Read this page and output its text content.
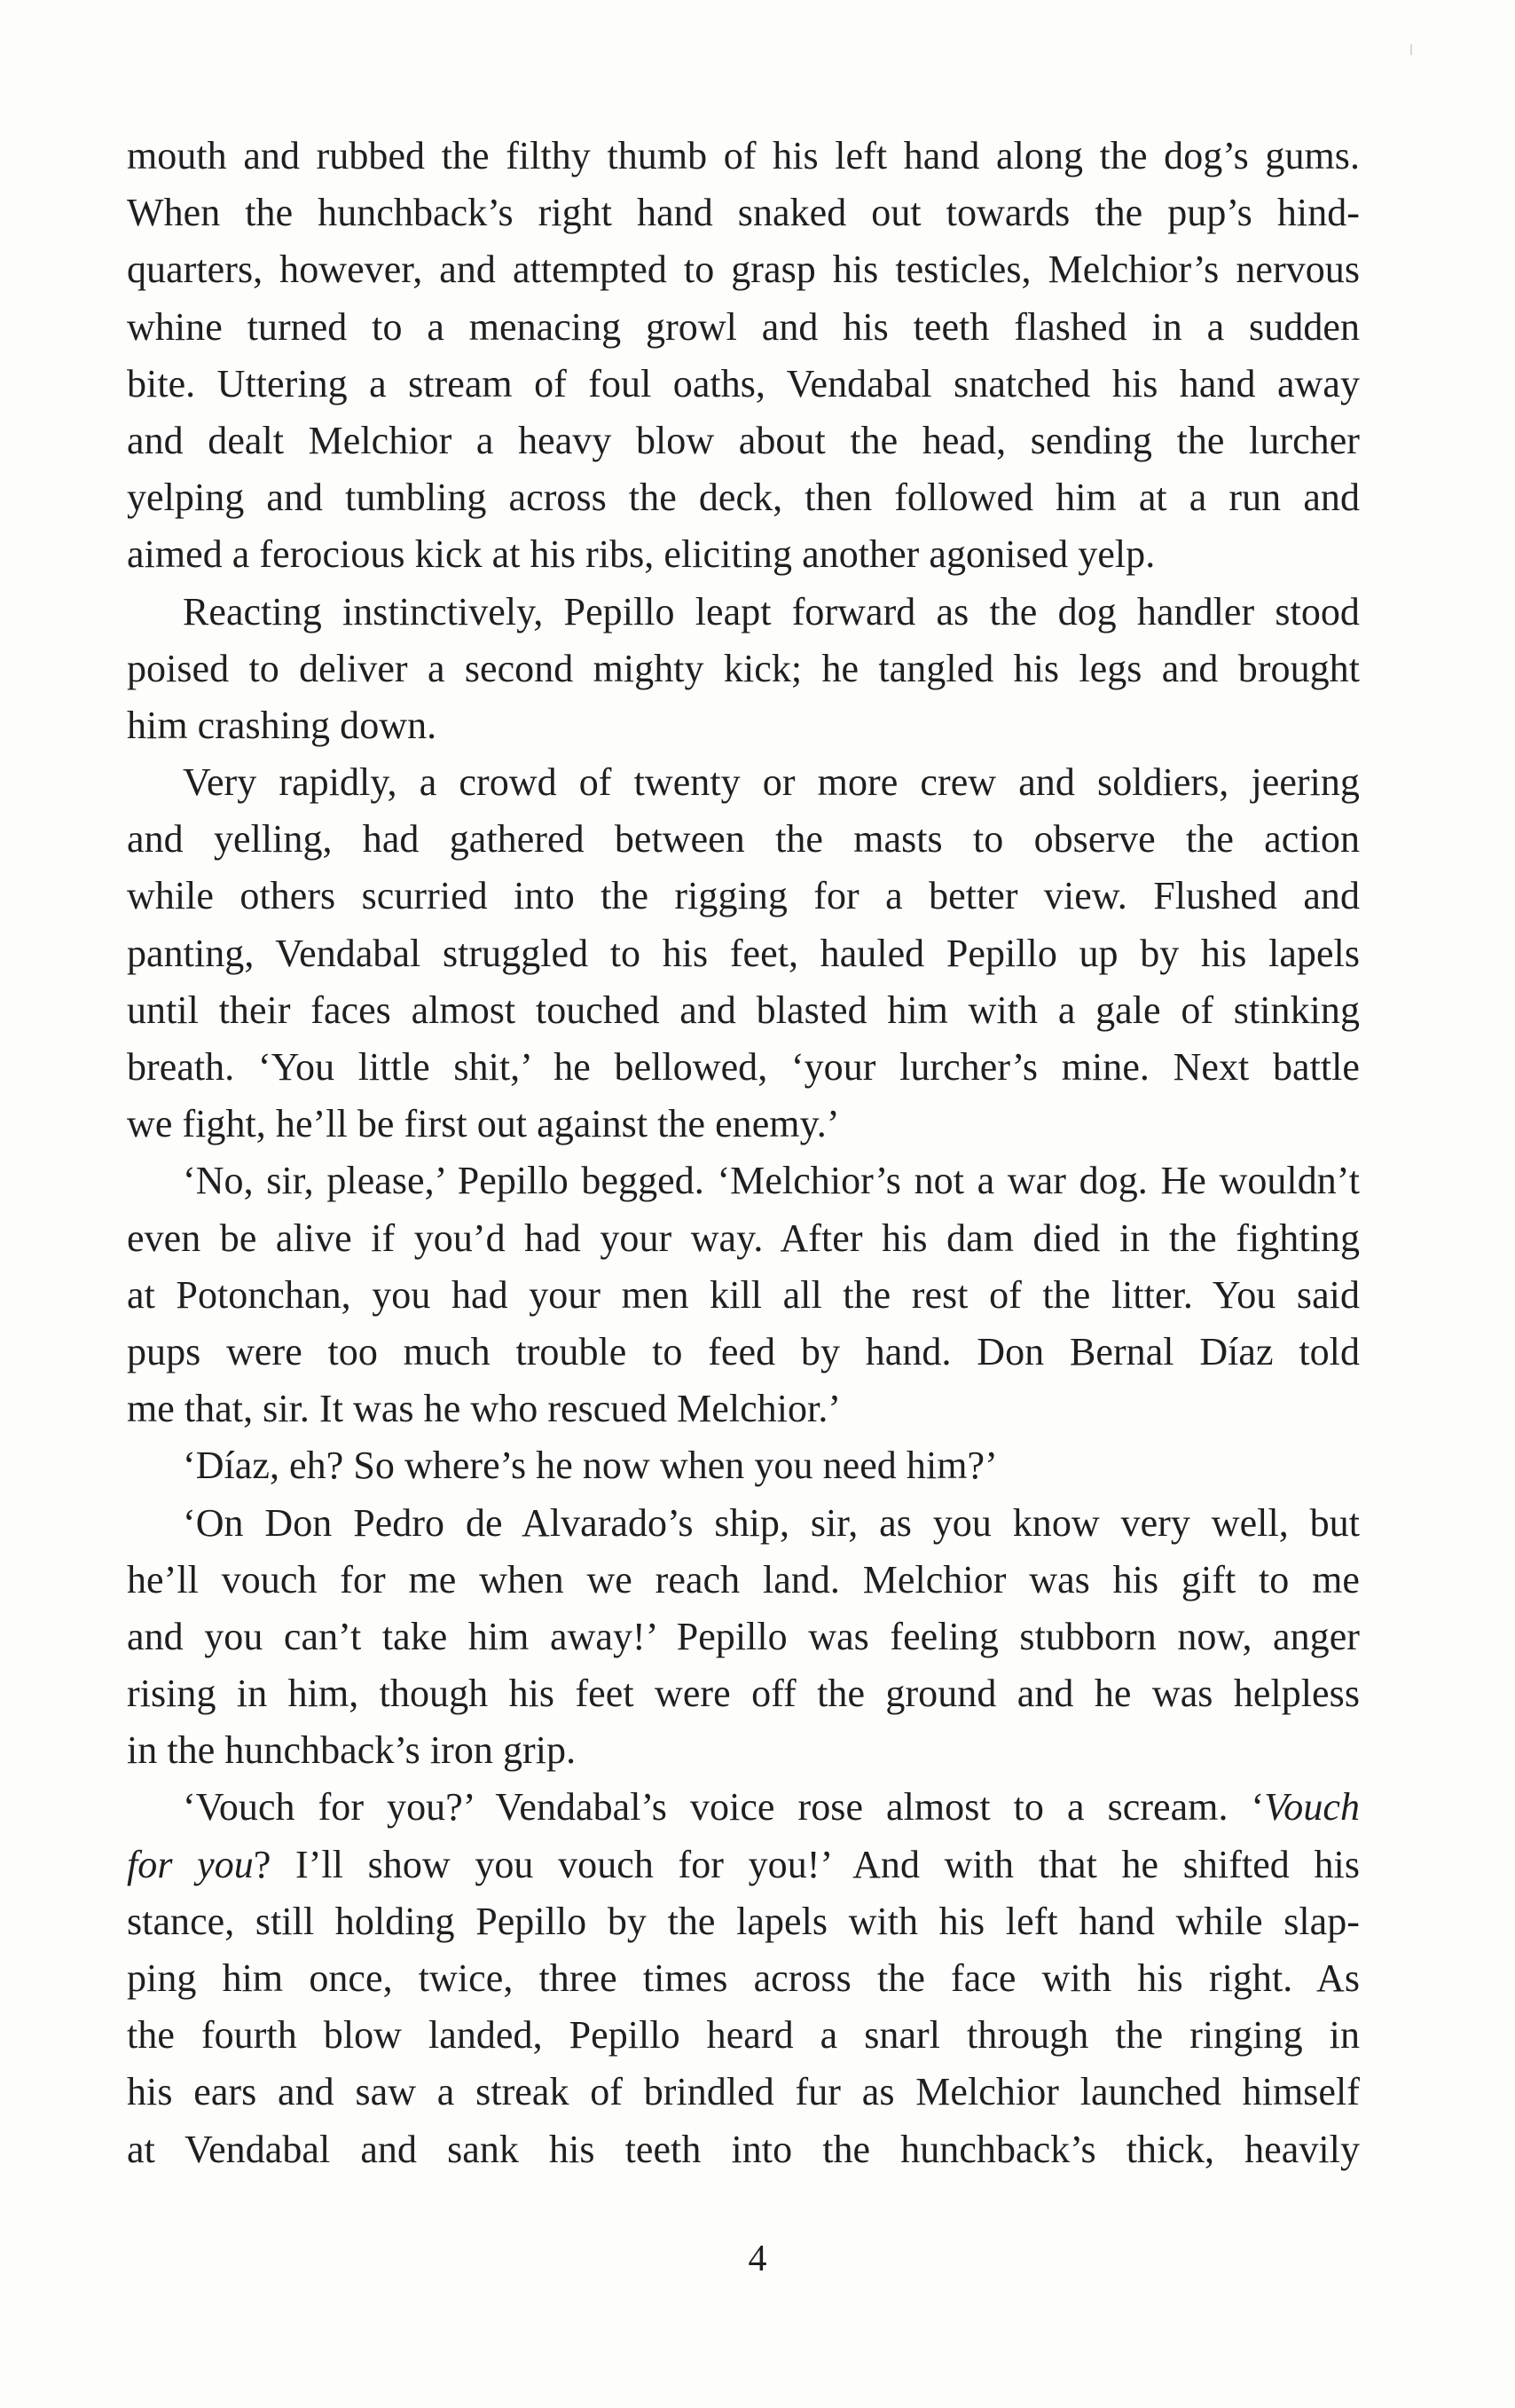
mouth and rubbed the filthy thumb of his left hand along the dog’s gums.
When the hunchback’s right hand snaked out towards the pup’s hind-
quarters, however, and attempted to grasp his testicles, Melchior’s nervous
whine turned to a menacing growl and his teeth flashed in a sudden
bite. Uttering a stream of foul oaths, Vendabal snatched his hand away
and dealt Melchior a heavy blow about the head, sending the lurcher
yelping and tumbling across the deck, then followed him at a run and
aimed a ferocious kick at his ribs, eliciting another agonised yelp.
Reacting instinctively, Pepillo leapt forward as the dog handler stood
poised to deliver a second mighty kick; he tangled his legs and brought
him crashing down.
Very rapidly, a crowd of twenty or more crew and soldiers, jeering
and yelling, had gathered between the masts to observe the action
while others scurried into the rigging for a better view. Flushed and
panting, Vendabal struggled to his feet, hauled Pepillo up by his lapels
until their faces almost touched and blasted him with a gale of stinking
breath. ‘You little shit,’ he bellowed, ‘your lurcher’s mine. Next battle
we fight, he’ll be first out against the enemy.’
‘No, sir, please,’ Pepillo begged. ‘Melchior’s not a war dog. He wouldn’t
even be alive if you’d had your way. After his dam died in the fighting
at Potonchan, you had your men kill all the rest of the litter. You said
pups were too much trouble to feed by hand. Don Bernal Díaz told
me that, sir. It was he who rescued Melchior.’
‘Díaz, eh? So where’s he now when you need him?’
‘On Don Pedro de Alvarado’s ship, sir, as you know very well, but
he’ll vouch for me when we reach land. Melchior was his gift to me
and you can’t take him away!’ Pepillo was feeling stubborn now, anger
rising in him, though his feet were off the ground and he was helpless
in the hunchback’s iron grip.
‘Vouch for you?’ Vendabal’s voice rose almost to a scream. ‘Vouch
for you? I’ll show you vouch for you!’ And with that he shifted his
stance, still holding Pepillo by the lapels with his left hand while slap-
ping him once, twice, three times across the face with his right. As
the fourth blow landed, Pepillo heard a snarl through the ringing in
his ears and saw a streak of brindled fur as Melchior launched himself
at Vendabal and sank his teeth into the hunchback’s thick, heavily
4
